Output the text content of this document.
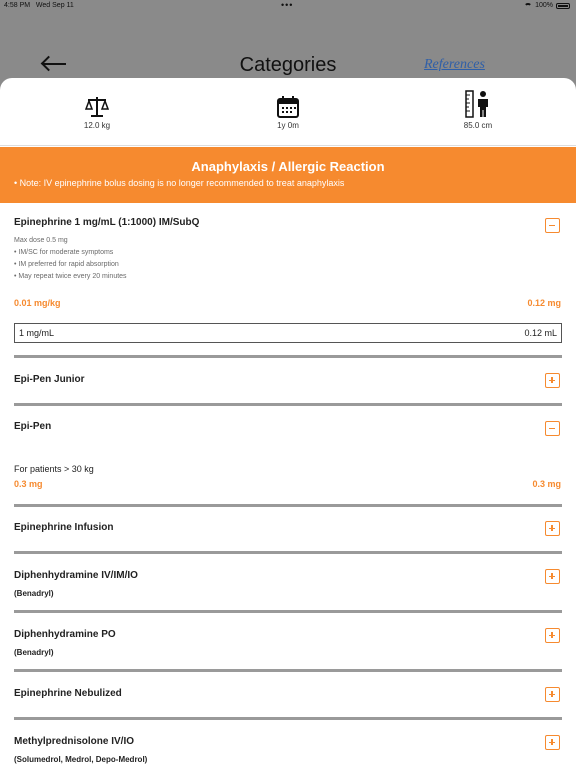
4:58 PM Wed Sep 11	•••	100%
Categories	References
12.0 kg	1y 0m	85.0 cm
Anaphylaxis / Allergic Reaction
• Note: IV epinephrine bolus dosing is no longer recommended to treat anaphylaxis
Epinephrine 1 mg/mL (1:1000) IM/SubQ
Max dose 0.5 mg
• IM/SC for moderate symptoms
• IM preferred for rapid absorption
• May repeat twice every 20 minutes
0.01 mg/kg	0.12 mg
1 mg/mL	0.12 mL
Epi-Pen Junior
Epi-Pen
For patients > 30 kg
0.3 mg	0.3 mg
Epinephrine Infusion
Diphenhydramine IV/IM/IO
(Benadryl)
Diphenhydramine PO
(Benadryl)
Epinephrine Nebulized
Methylprednisolone IV/IO
(Solumedrol, Medrol, Depo-Medrol)
